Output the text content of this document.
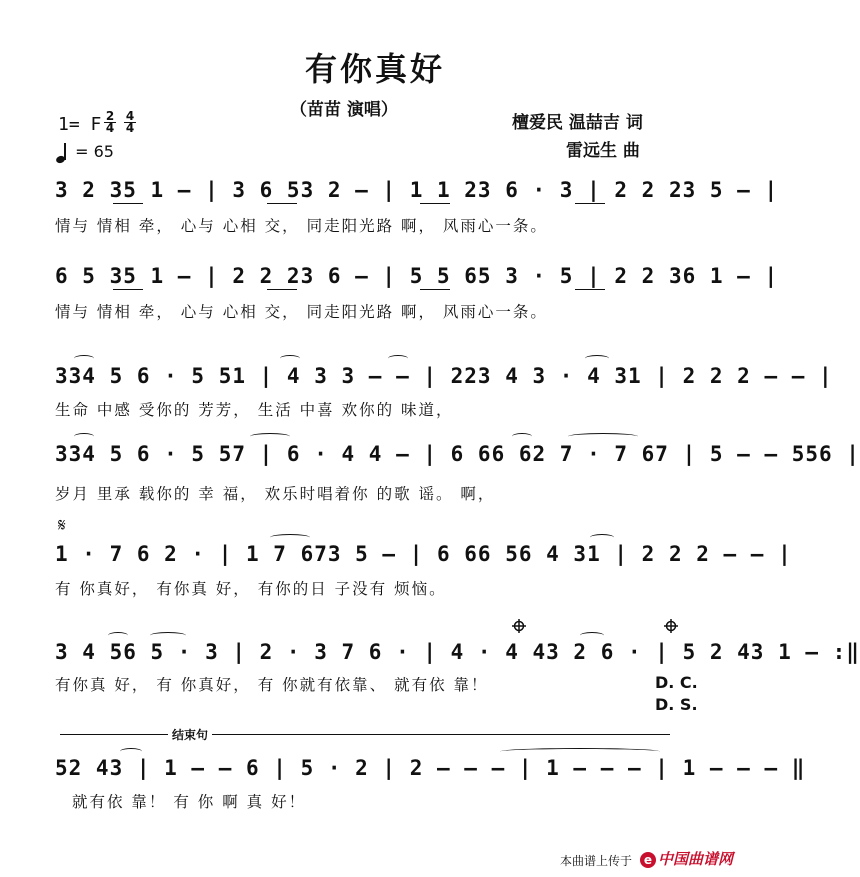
有你真好
（苗苗 演唱）
檀爱民 温喆吉 词
雷远生 曲
1= F 2
4
4
4
= 65
3 2 35 1 – | 3 6 53 2 – | 1 1 23 6 · 3 | 2 2 23 5 – |
情与 情相 牵， 心与 心相 交， 同走阳光路 啊， 风雨心一条。
6 5 35 1 – | 2 2 23 6 – | 5 5 65 3 · 5 | 2 2 36 1 – |
情与 情相 牵， 心与 心相 交， 同走阳光路 啊， 风雨心一条。
334 5 6 · 5 51 | 4 3 3 – – | 223 4 3 · 4 31 | 2 2 2 – – |
生命 中感 受你的 芳芳， 生活 中喜 欢你的 味道，
334 5 6 · 5 57 | 6 · 4 4 – | 6 66 62 7 · 7 67 | 5 – – 556 |
岁月 里承 载你的 幸 福， 欢乐时唱着你 的歌 谣。 啊，
𝄋
1 · 7 6 2 · | 1 7 673 5 – | 6 66 56 4 31 | 2 2 2 – – |
有 你真好， 有你真 好， 有你的日 子没有 烦恼。
3 4 56 5 · 3 | 2 · 3 7 6 · | 4 · 4 43 2 6 · | 5 2 43 1 – :‖
有你真 好， 有 你真好， 有 你就有依靠、 就有依 靠！	D. C.
D. S.
结束句
52 43 | 1 – – 6 | 5 · 2 | 2 – – – | 1 – – – | 1 – – – ‖
就有依 靠！ 有 你 啊 真 好！
本曲谱上传于 e 中国曲谱网
